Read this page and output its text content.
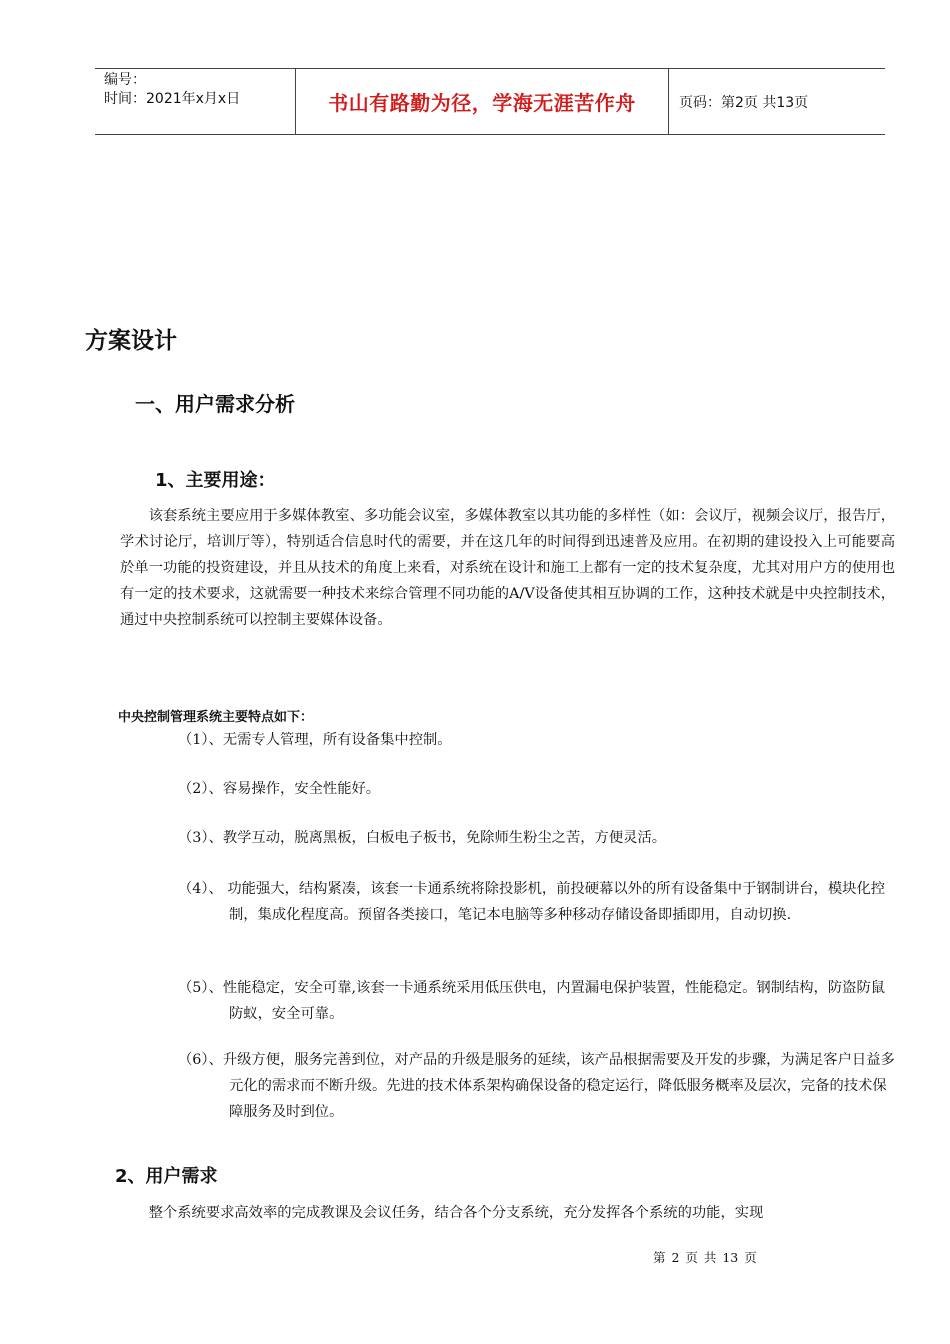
编号：
时间：2021年x月x日	书山有路勤为径，学海无涯苦作舟	页码：第2页 共13页
方案设计
一、用户需求分析
1、主要用途：

该套系统主要应用于多媒体教室、多功能会议室，多媒体教室以其功能的多样性（如：会议厅，视频会议厅，报告厅，学术讨论厅，培训厅等），特别适合信息时代的需要，并在这几年的时间得到迅速普及应用。在初期的建设投入上可能要高於单一功能的投资建设，并且从技术的角度上来看，对系统在设计和施工上都有一定的技术复杂度，尤其对用户方的使用也有一定的技术要求，这就需要一种技术来综合管理不同功能的A/V设备使其相互协调的工作，这种技术就是中央控制技术，通过中央控制系统可以控制主要媒体设备。

中央控制管理系统主要特点如下：

（1）、无需专人管理，所有设备集中控制。

（2）、容易操作，安全性能好。

（3）、教学互动，脱离黑板，白板电子板书，免除师生粉尘之苦，方便灵活。

（4）、 功能强大，结构紧凑，该套一卡通系统将除投影机，前投硬幕以外的所有设备集中于钢制讲台，模块化控制，集成化程度高。预留各类接口，笔记本电脑等多种移动存储设备即插即用，自动切换.

（5）、性能稳定，安全可靠,该套一卡通系统采用低压供电，内置漏电保护装置，性能稳定。钢制结构，防盗防鼠防蚁，安全可靠。

（6）、升级方便，服务完善到位，对产品的升级是服务的延续，该产品根据需要及开发的步骤，为满足客户日益多元化的需求而不断升级。先进的技术体系架构确保设备的稳定运行，降低服务概率及层次，完备的技术保障服务及时到位。

2、用户需求

整个系统要求高效率的完成教课及会议任务，结合各个分支系统，充分发挥各个系统的功能，实现

第 2 页 共 13 页
